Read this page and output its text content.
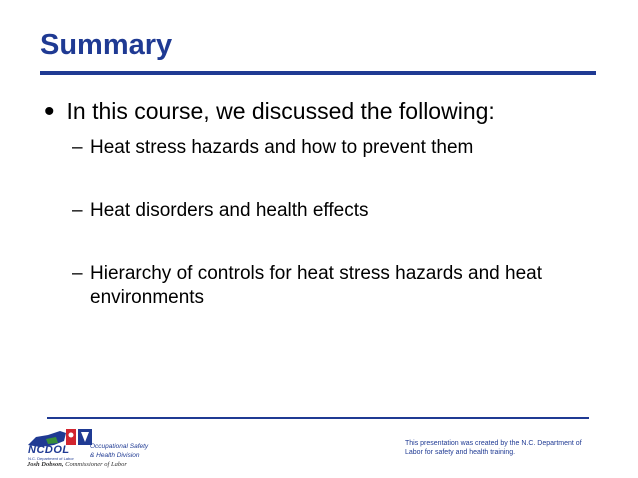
Summary
• In this course, we discussed the following:
– Heat stress hazards and how to prevent them
– Heat disorders and health effects
– Hierarchy of controls for heat stress hazards and heat environments
NCDOL
N.C. Department of Labor
Occupational Safety
& Health Division
Josh Dobson, Commissioner of Labor
This presentation was created by the N.C. Department of
Labor for safety and health training.
